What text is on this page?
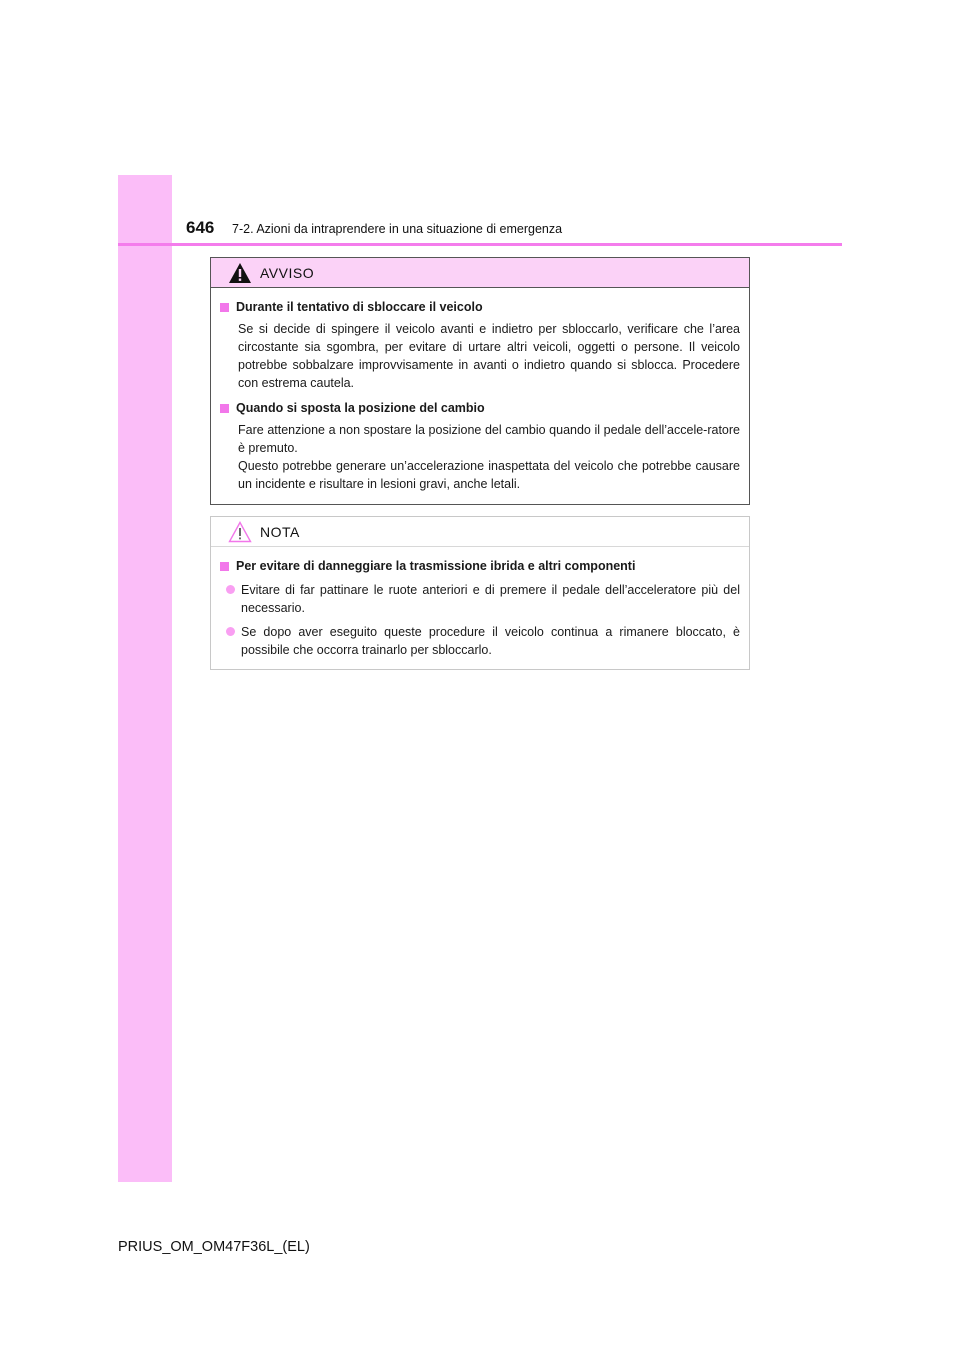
646 7-2. Azioni da intraprendere in una situazione di emergenza
AVVISO
Durante il tentativo di sbloccare il veicolo

Se si decide di spingere il veicolo avanti e indietro per sbloccarlo, verificare che l’area circostante sia sgombra, per evitare di urtare altri veicoli, oggetti o persone. Il veicolo potrebbe sobbalzare improvvisamente in avanti o indietro quando si sblocca. Procedere con estrema cautela.

Quando si sposta la posizione del cambio

Fare attenzione a non spostare la posizione del cambio quando il pedale dell’accele-ratore è premuto.

Questo potrebbe generare un’accelerazione inaspettata del veicolo che potrebbe causare un incidente e risultare in lesioni gravi, anche letali.

NOTA
Per evitare di danneggiare la trasmissione ibrida e altri componenti
Evitare di far pattinare le ruote anteriori e di premere il pedale dell’acceleratore più del necessario.
Se dopo aver eseguito queste procedure il veicolo continua a rimanere bloccato, è possibile che occorra trainarlo per sbloccarlo.
PRIUS_OM_OM47F36L_(EL)
